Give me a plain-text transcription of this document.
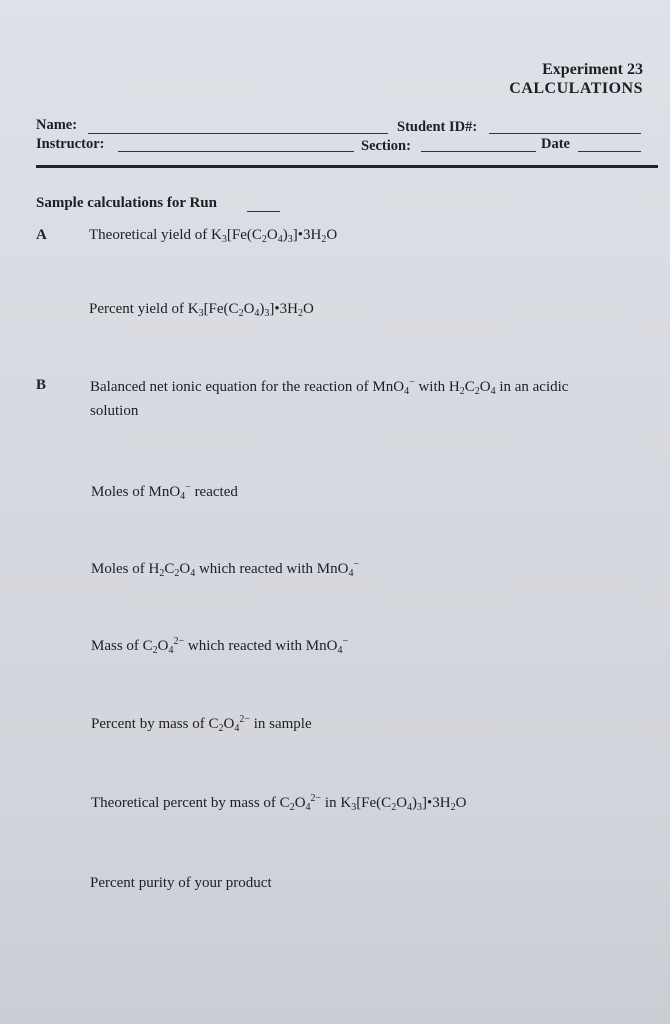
Experiment 23
CALCULATIONS
Name:	Student ID#:
Instructor:	Section:	Date
Sample calculations for Run
A	Theoretical yield of $K_3[Fe(C_2O_4)_3]•3H_2O$
Percent yield of $K_3[Fe(C_2O_4)_3]•3H_2O$
B	Balanced net ionic equation for the reaction of MnO$_4$− with $H_2C_2O_4$ in an acidic
solution
Moles of MnO$_4$− reacted
Moles of $H_2C_2O_4$ which reacted with MnO$_4$−
Mass of $C_2O_4^{2-}$ which reacted with MnO$_4$−
Percent by mass of $C_2O_4^{2-}$ in sample
Theoretical percent by mass of $C_2O_4^{2-}$ in $K_3[Fe(C_2O_4)_3]•3H_2O$
Percent purity of your product
